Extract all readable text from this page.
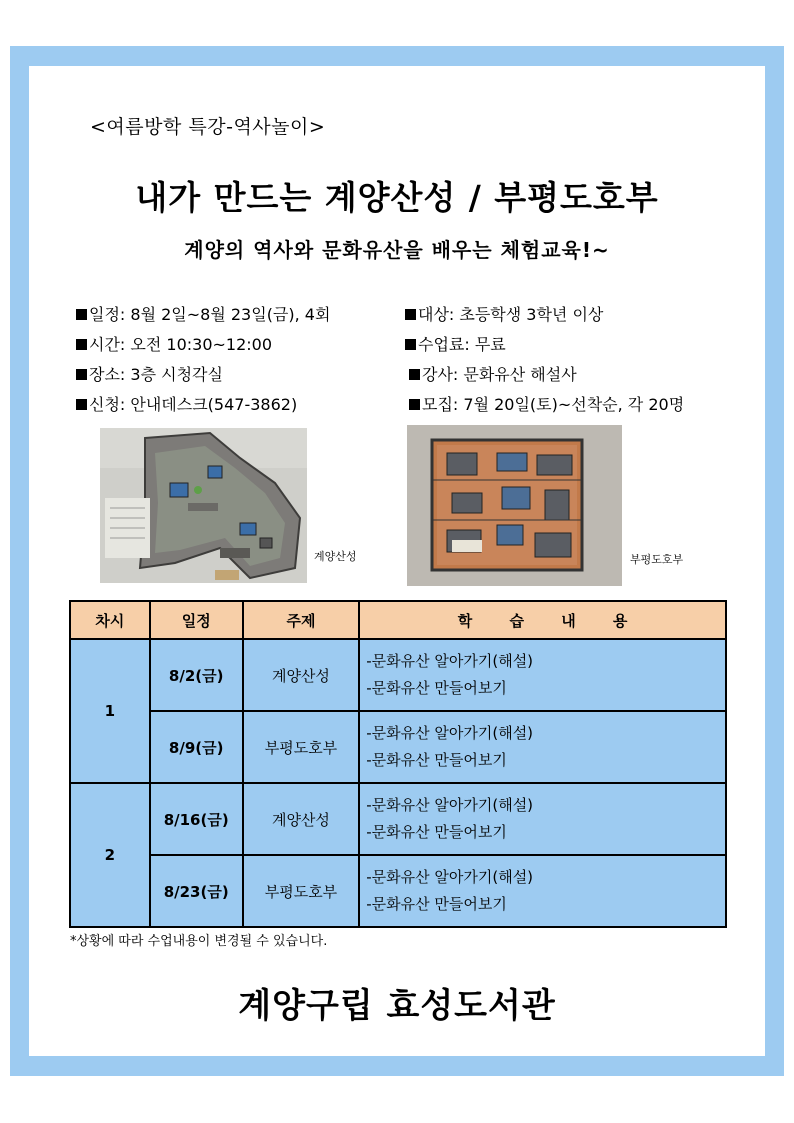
<여름방학 특강-역사놀이>
내가 만드는 계양산성 / 부평도호부
계양의 역사와 문화유산을 배우는 체험교육!~
일정: 8월 2일~8월 23일(금), 4회
시간: 오전 10:30~12:00
장소: 3층 시청각실
신청: 안내데스크(547-3862)
대상: 초등학생 3학년 이상
수업료: 무료
강사: 문화유산 해설사
모집: 7월 20일(토)~선착순, 각 20명
계양산성	부평도호부
차시	일정	주제	학 습 내 용
1	8/2(금)	계양산성	-문화유산 알아가기(해설)
-문화유산 만들어보기

	8/9(금)	부평도호부	-문화유산 알아가기(해설)
-문화유산 만들어보기

2	8/16(금)	계양산성	-문화유산 알아가기(해설)
-문화유산 만들어보기

	8/23(금)	부평도호부	-문화유산 알아가기(해설)
-문화유산 만들어보기
*상황에 따라 수업내용이 변경될 수 있습니다.
계양구립 효성도서관
